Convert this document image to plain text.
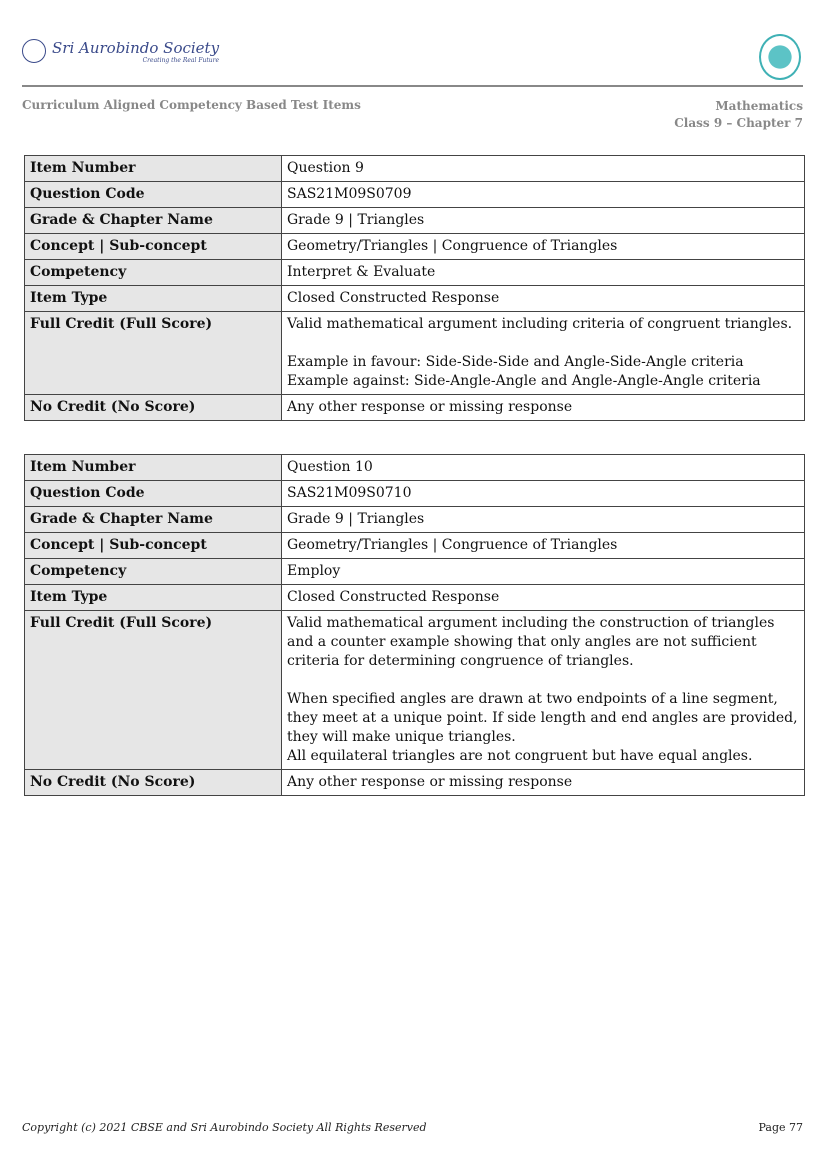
Sri Aurobindo Society
Creating the Real Future
Curriculum Aligned Competency Based Test Items	Mathematics
Class 9 – Chapter 7
Item Number	Question 9
Question Code	SAS21M09S0709
Grade & Chapter Name	Grade 9 | Triangles
Concept | Sub-concept	Geometry/Triangles | Congruence of Triangles
Competency	Interpret & Evaluate
Item Type	Closed Constructed Response
Full Credit (Full Score)	Valid mathematical argument including criteria of congruent triangles.
Example in favour: Side-Side-Side and Angle-Side-Angle criteria
Example against: Side-Angle-Angle and Angle-Angle-Angle criteria

No Credit (No Score)	Any other response or missing response
Item Number	Question 10
Question Code	SAS21M09S0710
Grade & Chapter Name	Grade 9 | Triangles
Concept | Sub-concept	Geometry/Triangles | Congruence of Triangles
Competency	Employ
Item Type	Closed Constructed Response
Full Credit (Full Score)	Valid mathematical argument including the construction of triangles and a counter example showing that only angles are not sufficient criteria for determining congruence of triangles.
When specified angles are drawn at two endpoints of a line segment, they meet at a unique point. If side length and end angles are provided, they will make unique triangles.
All equilateral triangles are not congruent but have equal angles.

No Credit (No Score)	Any other response or missing response
Copyright (c) 2021 CBSE and Sri Aurobindo Society All Rights Reserved	Page 77
